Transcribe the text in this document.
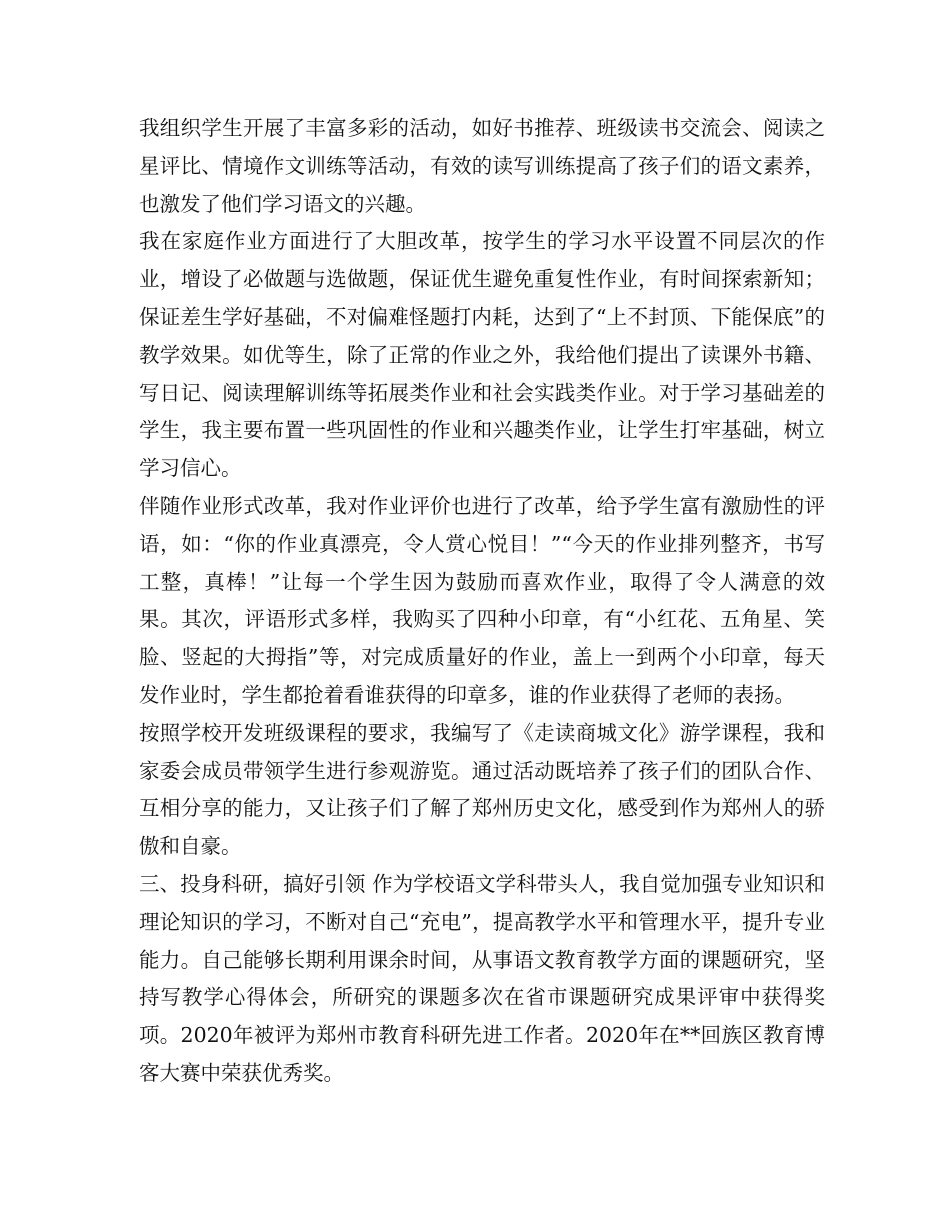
我组织学生开展了丰富多彩的活动，如好书推荐、班级读书交流会、阅读之星评比、情境作文训练等活动，有效的读写训练提高了孩子们的语文素养，也激发了他们学习语文的兴趣。

我在家庭作业方面进行了大胆改革，按学生的学习水平设置不同层次的作业，增设了必做题与选做题，保证优生避免重复性作业，有时间探索新知；保证差生学好基础，不对偏难怪题打内耗，达到了“上不封顶、下能保底”的教学效果。如优等生，除了正常的作业之外，我给他们提出了读课外书籍、写日记、阅读理解训练等拓展类作业和社会实践类作业。对于学习基础差的学生，我主要布置一些巩固性的作业和兴趣类作业，让学生打牢基础，树立学习信心。

伴随作业形式改革，我对作业评价也进行了改革，给予学生富有激励性的评语，如：“你的作业真漂亮，令人赏心悦目！”“今天的作业排列整齐，书写工整，真棒！”让每一个学生因为鼓励而喜欢作业，取得了令人满意的效果。其次，评语形式多样，我购买了四种小印章，有“小红花、五角星、笑脸、竖起的大拇指”等，对完成质量好的作业，盖上一到两个小印章，每天发作业时，学生都抢着看谁获得的印章多，谁的作业获得了老师的表扬。

按照学校开发班级课程的要求，我编写了《走读商城文化》游学课程，我和家委会成员带领学生进行参观游览。通过活动既培养了孩子们的团队合作、互相分享的能力，又让孩子们了解了郑州历史文化，感受到作为郑州人的骄傲和自豪。

三、投身科研，搞好引领 作为学校语文学科带头人，我自觉加强专业知识和理论知识的学习，不断对自己“充电”，提高教学水平和管理水平，提升专业能力。自己能够长期利用课余时间，从事语文教育教学方面的课题研究，坚持写教学心得体会，所研究的课题多次在省市课题研究成果评审中获得奖项。2020年被评为郑州市教育科研先进工作者。2020年在**回族区教育博客大赛中荣获优秀奖。
